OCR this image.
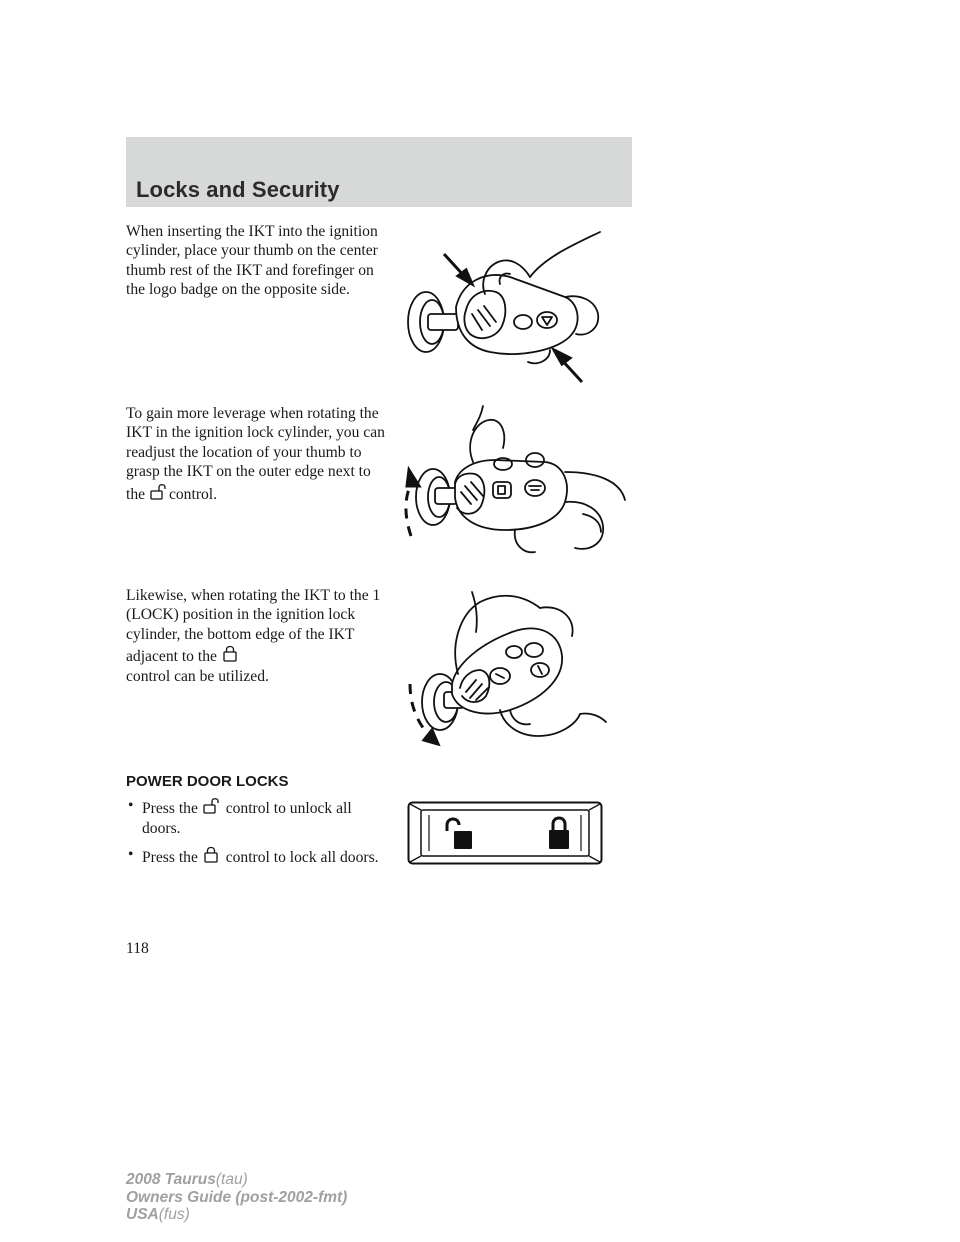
Locks and Security

When inserting the IKT into the ignition cylinder, place your thumb on the center thumb rest of the IKT and forefinger on the logo badge on the opposite side.

To gain more leverage when rotating the IKT in the ignition lock cylinder, you can readjust the location of your thumb to grasp the IKT on the outer edge next to the control.

Likewise, when rotating the IKT to the 1 (LOCK) position in the ignition lock cylinder, the bottom edge of the IKT adjacent to the

control can be utilized.

POWER DOOR LOCKS
• Press the control to unlock all doors.
• Press the control to lock all doors.

118

2008 Taurus(tau)
Owners Guide (post-2002-fmt)
USA(fus)
